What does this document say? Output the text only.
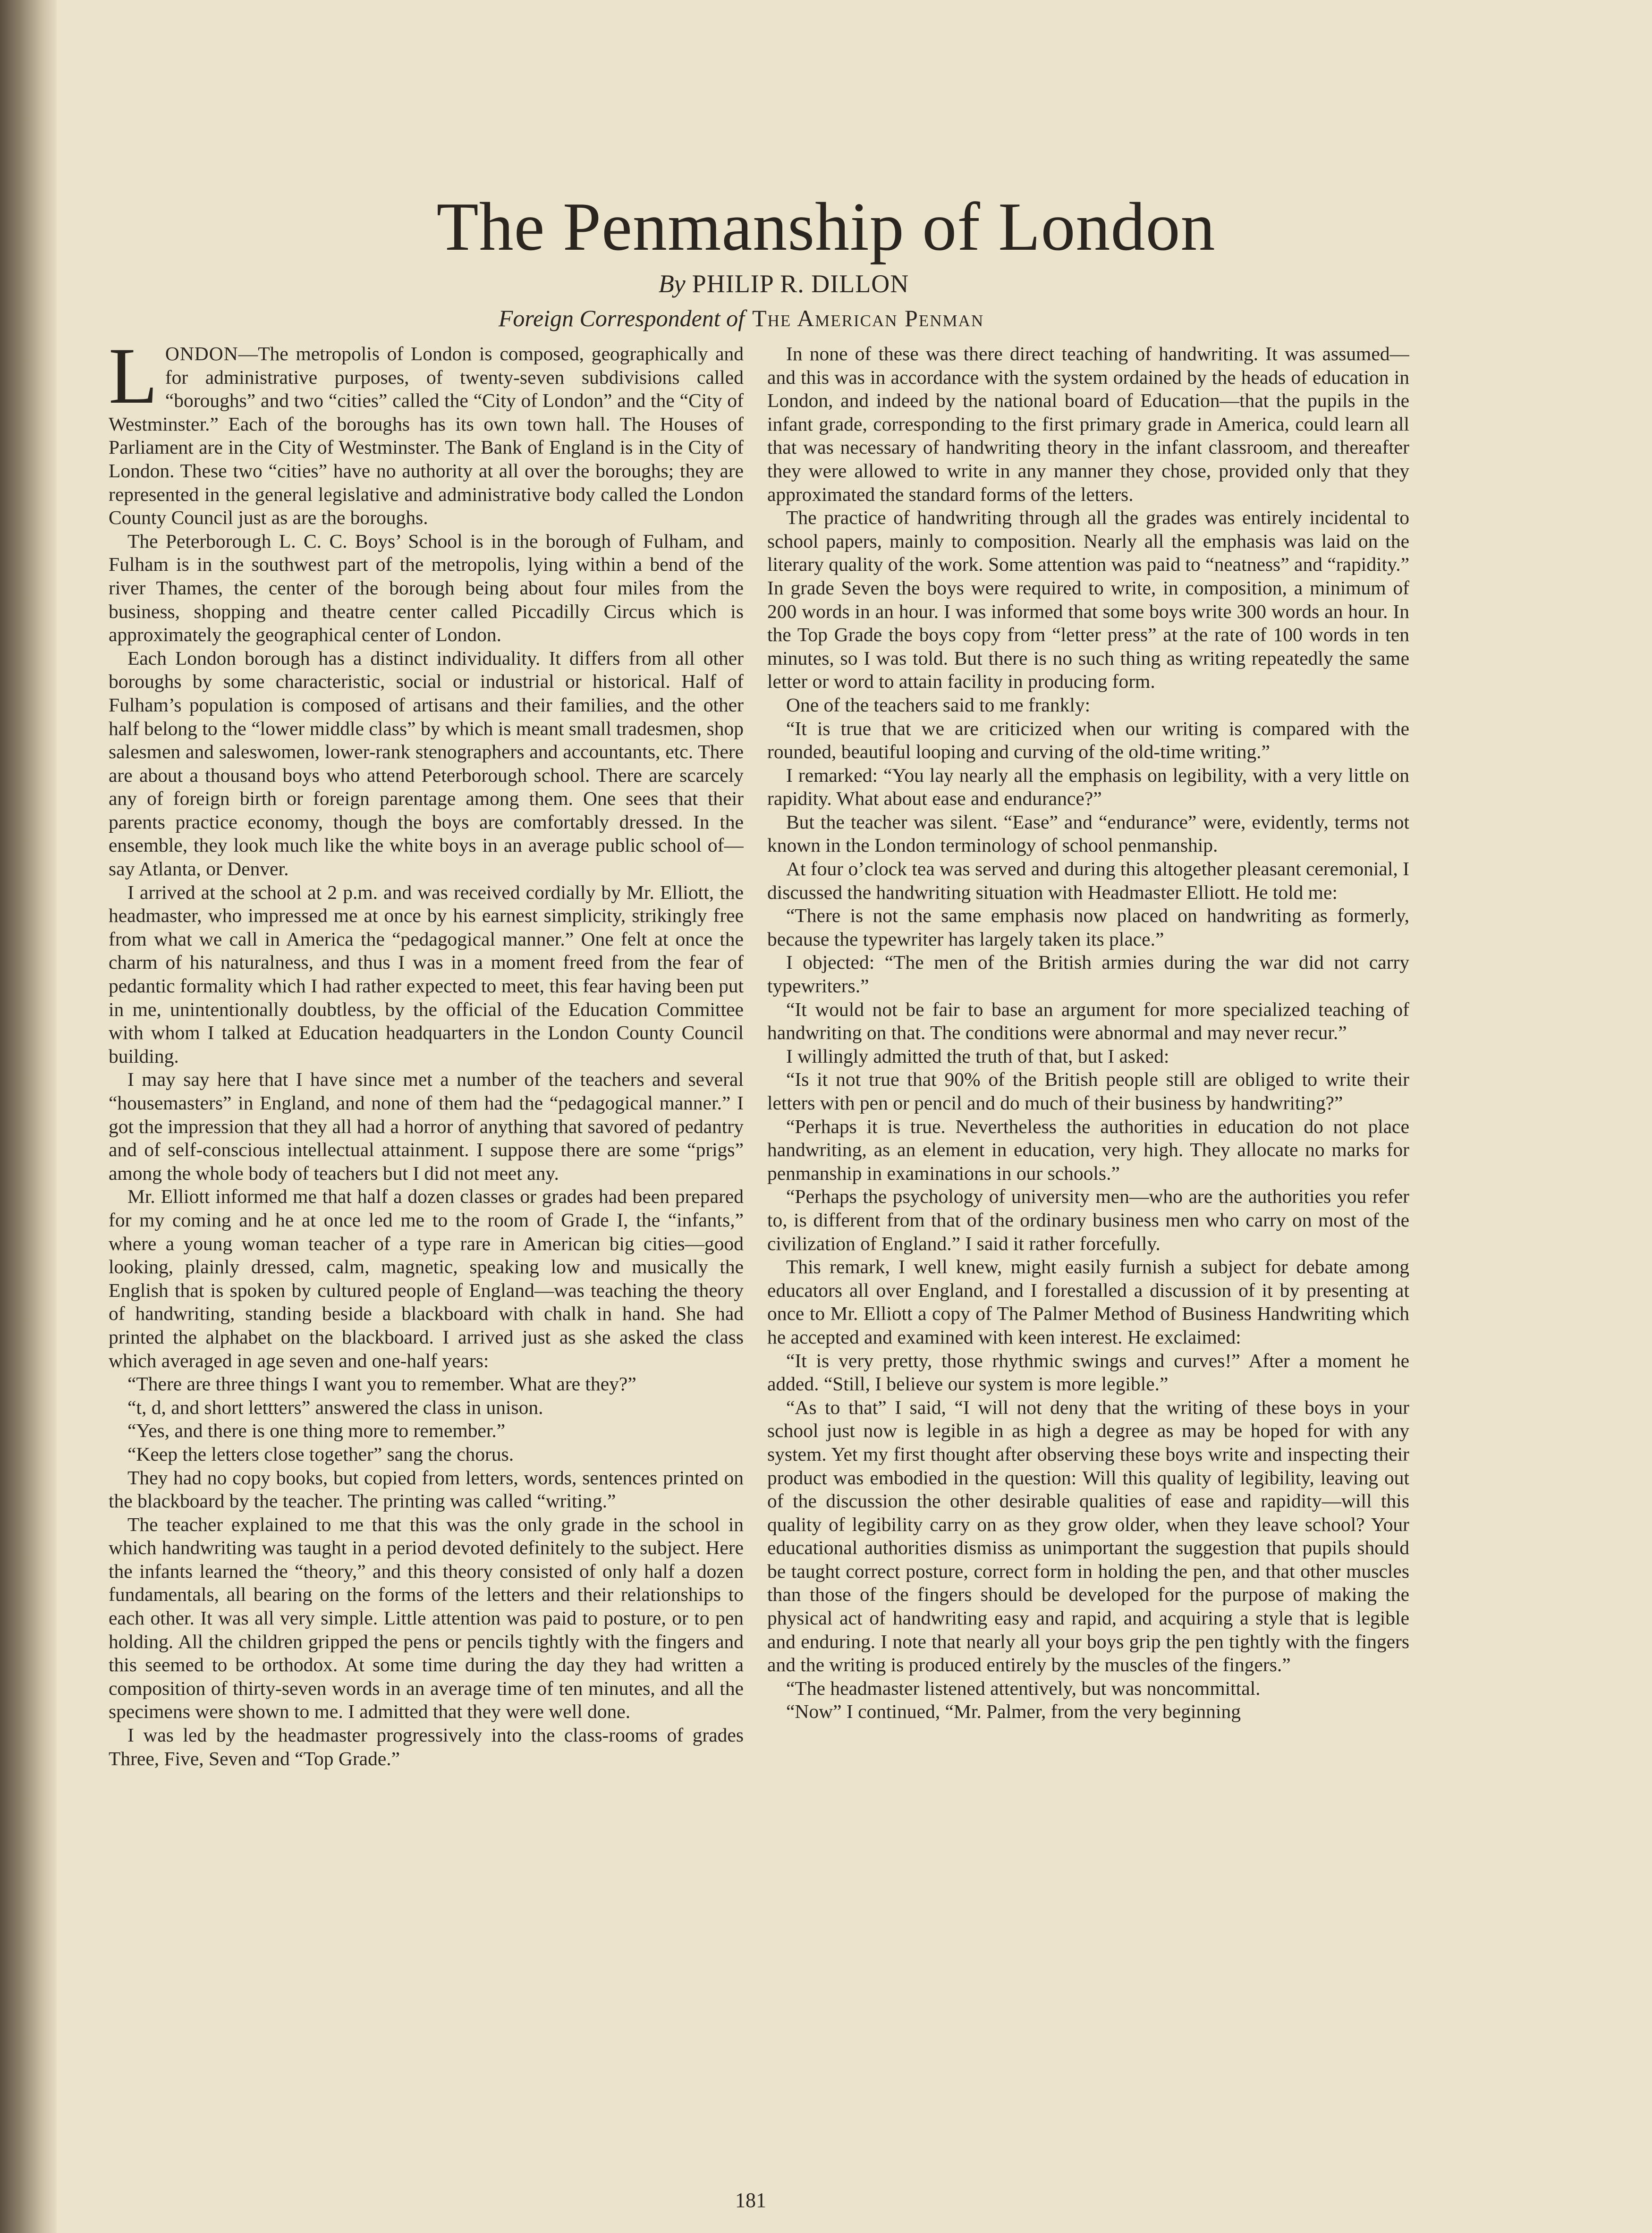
The Penmanship of London
By PHILIP R. DILLON
Foreign Correspondent of The American Penman

LONDON—The metropolis of London is composed, geographically and for administrative purposes, of twenty-seven subdivisions called “boroughs” and two “cities” called the “City of London” and the “City of Westminster.” Each of the boroughs has its own town hall. The Houses of Parliament are in the City of Westminster. The Bank of England is in the City of London. These two “cities” have no authority at all over the boroughs; they are represented in the general legislative and administrative body called the London County Council just as are the boroughs.

The Peterborough L. C. C. Boys’ School is in the borough of Fulham, and Fulham is in the southwest part of the metropolis, lying within a bend of the river Thames, the center of the borough being about four miles from the business, shopping and theatre center called Piccadilly Circus which is approximately the geographical center of London.

Each London borough has a distinct individuality. It differs from all other boroughs by some characteristic, social or industrial or historical. Half of Fulham’s population is composed of artisans and their families, and the other half belong to the “lower middle class” by which is meant small tradesmen, shop salesmen and saleswomen, lower-rank stenographers and accountants, etc. There are about a thousand boys who attend Peterborough school. There are scarcely any of foreign birth or foreign parentage among them. One sees that their parents practice economy, though the boys are comfortably dressed. In the ensemble, they look much like the white boys in an average public school of—say Atlanta, or Denver.

I arrived at the school at 2 p.m. and was received cordially by Mr. Elliott, the headmaster, who impressed me at once by his earnest simplicity, strikingly free from what we call in America the “pedagogical manner.” One felt at once the charm of his naturalness, and thus I was in a moment freed from the fear of pedantic formality which I had rather expected to meet, this fear having been put in me, unintentionally doubtless, by the official of the Education Committee with whom I talked at Education headquarters in the London County Council building.

I may say here that I have since met a number of the teachers and several “housemasters” in England, and none of them had the “pedagogical manner.” I got the impression that they all had a horror of anything that savored of pedantry and of self-conscious intellectual attainment. I suppose there are some “prigs” among the whole body of teachers but I did not meet any.

Mr. Elliott informed me that half a dozen classes or grades had been prepared for my coming and he at once led me to the room of Grade I, the “infants,” where a young woman teacher of a type rare in American big cities—good looking, plainly dressed, calm, magnetic, speaking low and musically the English that is spoken by cultured people of England—was teaching the theory of handwriting, standing beside a blackboard with chalk in hand. She had printed the alphabet on the blackboard. I arrived just as she asked the class which averaged in age seven and one-half years:

“There are three things I want you to remember. What are they?”

“t, d, and short lettters” answered the class in unison.

“Yes, and there is one thing more to remember.”

“Keep the letters close together” sang the chorus.

They had no copy books, but copied from letters, words, sentences printed on the blackboard by the teacher. The printing was called “writing.”

The teacher explained to me that this was the only grade in the school in which handwriting was taught in a period devoted definitely to the subject. Here the infants learned the “theory,” and this theory consisted of only half a dozen fundamentals, all bearing on the forms of the letters and their relationships to each other. It was all very simple. Little attention was paid to posture, or to pen holding. All the children gripped the pens or pencils tightly with the fingers and this seemed to be orthodox. At some time during the day they had written a composition of thirty-seven words in an average time of ten minutes, and all the specimens were shown to me. I admitted that they were well done.

I was led by the headmaster progressively into the class-rooms of grades Three, Five, Seven and “Top Grade.”

In none of these was there direct teaching of handwriting. It was assumed—and this was in accordance with the system ordained by the heads of education in London, and indeed by the national board of Education—that the pupils in the infant grade, corresponding to the first primary grade in America, could learn all that was necessary of handwriting theory in the infant classroom, and thereafter they were allowed to write in any manner they chose, provided only that they approximated the standard forms of the letters.

The practice of handwriting through all the grades was entirely incidental to school papers, mainly to composition. Nearly all the emphasis was laid on the literary quality of the work. Some attention was paid to “neatness” and “rapidity.” In grade Seven the boys were required to write, in composition, a minimum of 200 words in an hour. I was informed that some boys write 300 words an hour. In the Top Grade the boys copy from “letter press” at the rate of 100 words in ten minutes, so I was told. But there is no such thing as writing repeatedly the same letter or word to attain facility in producing form.

One of the teachers said to me frankly:

“It is true that we are criticized when our writing is compared with the rounded, beautiful looping and curving of the old-time writing.”

I remarked: “You lay nearly all the emphasis on legibility, with a very little on rapidity. What about ease and endurance?”

But the teacher was silent. “Ease” and “endurance” were, evidently, terms not known in the London terminology of school penmanship.

At four o’clock tea was served and during this altogether pleasant ceremonial, I discussed the handwriting situation with Headmaster Elliott. He told me:

“There is not the same emphasis now placed on handwriting as formerly, because the typewriter has largely taken its place.”

I objected: “The men of the British armies during the war did not carry typewriters.”

“It would not be fair to base an argument for more specialized teaching of handwriting on that. The conditions were abnormal and may never recur.”

I willingly admitted the truth of that, but I asked:

“Is it not true that 90% of the British people still are obliged to write their letters with pen or pencil and do much of their business by handwriting?”

“Perhaps it is true. Nevertheless the authorities in education do not place handwriting, as an element in education, very high. They allocate no marks for penmanship in examinations in our schools.”

“Perhaps the psychology of university men—who are the authorities you refer to, is different from that of the ordinary business men who carry on most of the civilization of England.” I said it rather forcefully.

This remark, I well knew, might easily furnish a subject for debate among educators all over England, and I forestalled a discussion of it by presenting at once to Mr. Elliott a copy of The Palmer Method of Business Handwriting which he accepted and examined with keen interest. He exclaimed:

“It is very pretty, those rhythmic swings and curves!” After a moment he added. “Still, I believe our system is more legible.”

“As to that” I said, “I will not deny that the writing of these boys in your school just now is legible in as high a degree as may be hoped for with any system. Yet my first thought after observing these boys write and inspecting their product was embodied in the question: Will this quality of legibility, leaving out of the discussion the other desirable qualities of ease and rapidity—will this quality of legibility carry on as they grow older, when they leave school? Your educational authorities dismiss as unimportant the suggestion that pupils should be taught correct posture, correct form in holding the pen, and that other muscles than those of the fingers should be developed for the purpose of making the physical act of handwriting easy and rapid, and acquiring a style that is legible and enduring. I note that nearly all your boys grip the pen tightly with the fingers and the writing is produced entirely by the muscles of the fingers.”

“The headmaster listened attentively, but was noncommittal.

“Now” I continued, “Mr. Palmer, from the very beginning

181
